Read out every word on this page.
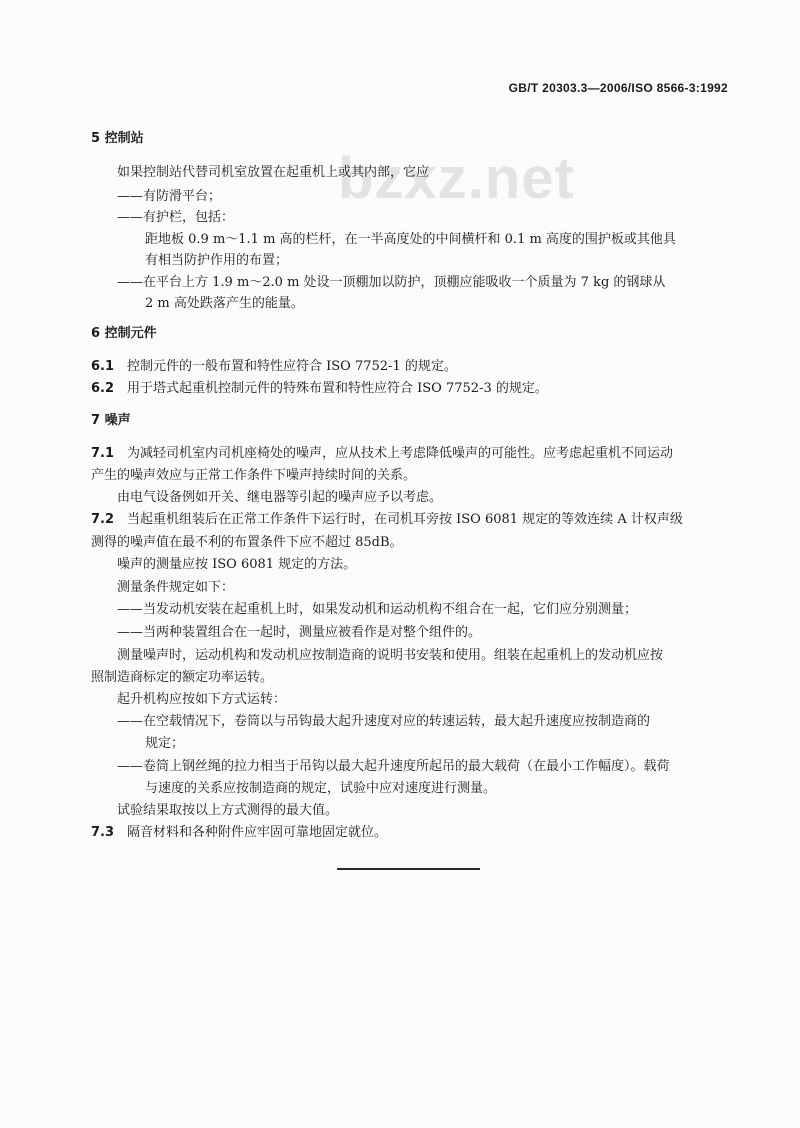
GB/T 20303.3—2006/ISO 8566-3:1992
bzxz.net
5 控制站
如果控制站代替司机室放置在起重机上或其内部，它应
——有防滑平台；
——有护栏，包括：
距地板 0.9 m～1.1 m 高的栏杆，在一半高度处的中间横杆和 0.1 m 高度的围护板或其他具
有相当防护作用的布置；
——在平台上方 1.9 m～2.0 m 处设一顶棚加以防护，顶棚应能吸收一个质量为 7 kg 的钢球从
2 m 高处跌落产生的能量。
6 控制元件
6.1 控制元件的一般布置和特性应符合 ISO 7752-1 的规定。
6.2 用于塔式起重机控制元件的特殊布置和特性应符合 ISO 7752-3 的规定。
7 噪声
7.1 为减轻司机室内司机座椅处的噪声，应从技术上考虑降低噪声的可能性。应考虑起重机不同运动
产生的噪声效应与正常工作条件下噪声持续时间的关系。
由电气设备例如开关、继电器等引起的噪声应予以考虑。
7.2 当起重机组装后在正常工作条件下运行时，在司机耳旁按 ISO 6081 规定的等效连续 A 计权声级
测得的噪声值在最不利的布置条件下应不超过 85dB。
噪声的测量应按 ISO 6081 规定的方法。
测量条件规定如下：
——当发动机安装在起重机上时，如果发动机和运动机构不组合在一起，它们应分别测量；
——当两种装置组合在一起时，测量应被看作是对整个组件的。
测量噪声时，运动机构和发动机应按制造商的说明书安装和使用。组装在起重机上的发动机应按
照制造商标定的额定功率运转。
起升机构应按如下方式运转：
——在空载情况下，卷筒以与吊钩最大起升速度对应的转速运转，最大起升速度应按制造商的
规定；
——卷筒上钢丝绳的拉力相当于吊钩以最大起升速度所起吊的最大载荷（在最小工作幅度）。载荷
与速度的关系应按制造商的规定，试验中应对速度进行测量。
试验结果取按以上方式测得的最大值。
7.3 隔音材料和各种附件应牢固可靠地固定就位。
